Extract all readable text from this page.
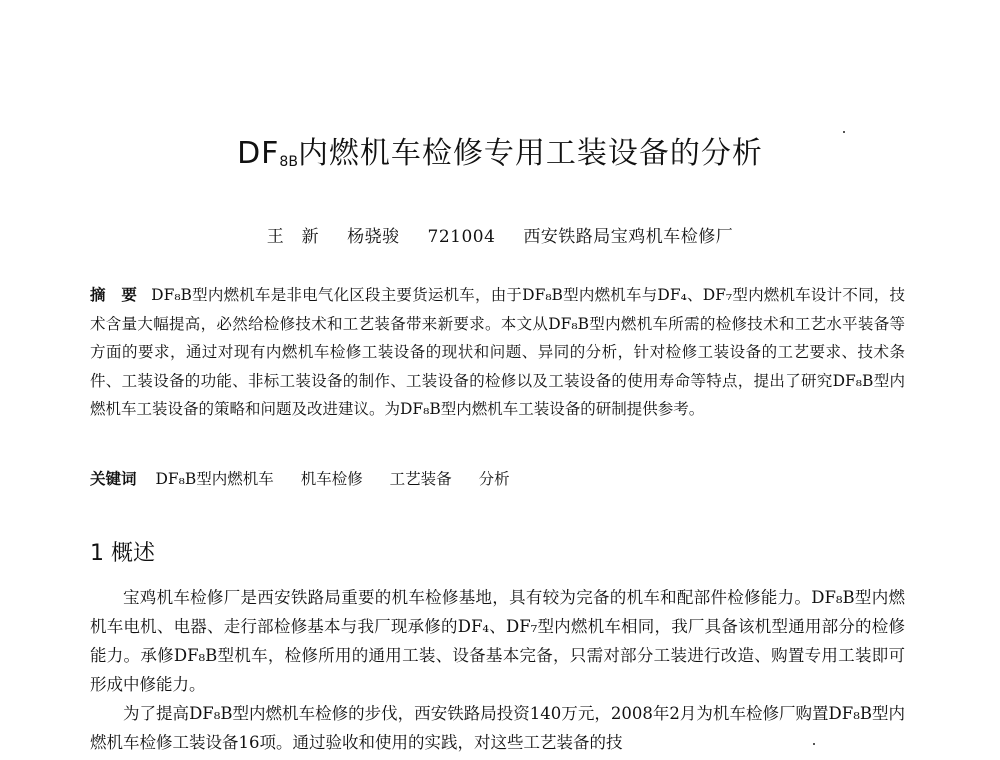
$DF_{8B}$内燃机车检修专用工装设备的分析
王　新 杨骁骏 721004 西安铁路局宝鸡机车检修厂
摘　要 DF₈B型内燃机车是非电气化区段主要货运机车，由于DF₈B型内燃机车与DF₄、DF₇型内燃机车设计不同，技术含量大幅提高，必然给检修技术和工艺装备带来新要求。本文从DF₈B型内燃机车所需的检修技术和工艺水平装备等方面的要求，通过对现有内燃机车检修工装设备的现状和问题、异同的分析，针对检修工装设备的工艺要求、技术条件、工装设备的功能、非标工装设备的制作、工装设备的检修以及工装设备的使用寿命等特点，提出了研究DF₈B型内燃机车工装设备的策略和问题及改进建议。为DF₈B型内燃机车工装设备的研制提供参考。
关键词 DF₈B型内燃机车 机车检修 工艺装备 分析
1 概述

宝鸡机车检修厂是西安铁路局重要的机车检修基地，具有较为完备的机车和配部件检修能力。DF₈B型内燃机车电机、电器、走行部检修基本与我厂现承修的DF₄、DF₇型内燃机车相同，我厂具备该机型通用部分的检修能力。承修DF₈B型机车，检修所用的通用工装、设备基本完备，只需对部分工装进行改造、购置专用工装即可形成中修能力。

为了提高DF₈B型内燃机车检修的步伐，西安铁路局投资140万元，2008年2月为机车检修厂购置DF₈B型内燃机车检修工装设备16项。通过验收和使用的实践，对这些工艺装备的技
